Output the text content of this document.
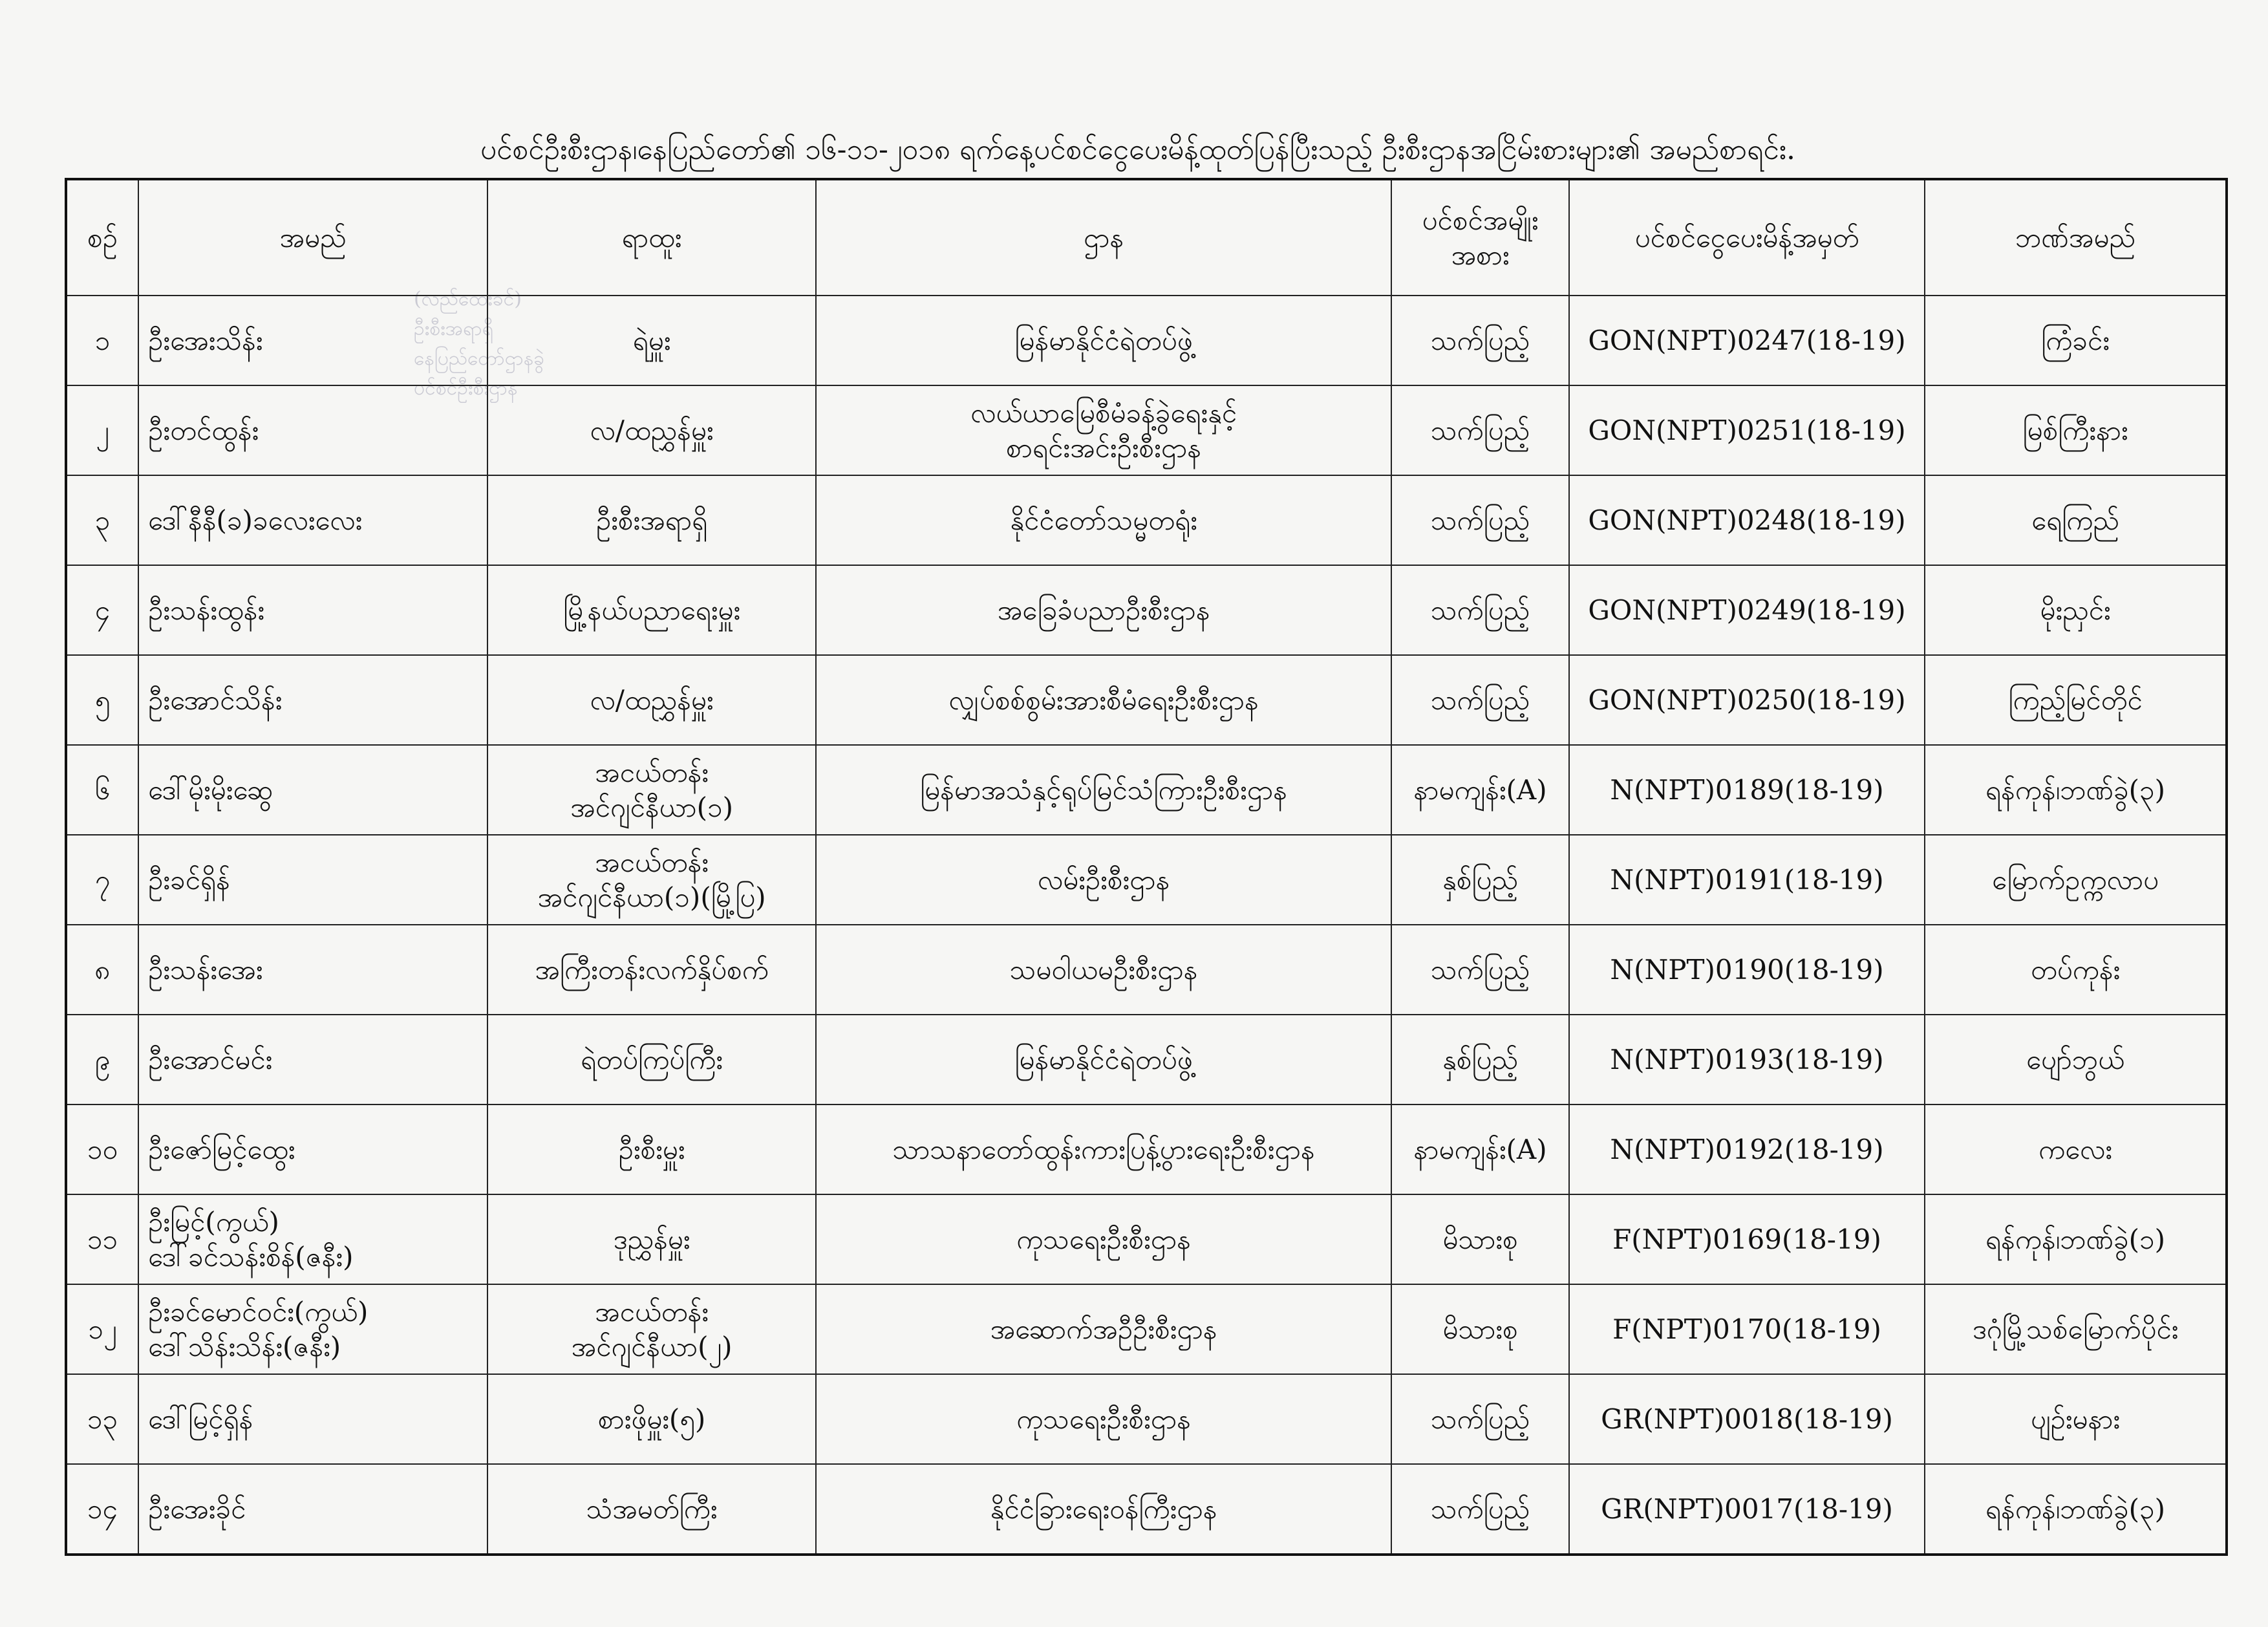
ပင်စင်ဦးစီးဌာန၊နေပြည်တော်၏ ၁၆-၁၁-၂၀၁၈ ရက်နေ့ပင်စင်ငွေပေးမိန့်ထုတ်ပြန်ပြီးသည့် ဦးစီးဌာနအငြိမ်းစားများ၏ အမည်စာရင်း.
(လည်ထေးခင်)
ဦးစီးအရာရှိ
နေပြည်တော်ဌာနခွဲ
ပင်စင်ဦးစီးဌာန
စဉ်	အမည်	ရာထူး	ဌာန	ပင်စင်အမျိုးအစား	ပင်စင်ငွေပေးမိန့်အမှတ်	ဘဏ်အမည်

၁	ဦးအေးသိန်း	ရဲမှူး	မြန်မာနိုင်ငံရဲတပ်ဖွဲ့	သက်ပြည့်	GON(NPT)0247(18-19)	ကြံခင်း

၂	ဦးတင်ထွန်း	လ/ထညွှန်မှူး	လယ်ယာမြေစီမံခန့်ခွဲရေးနှင့်
စာရင်းအင်းဦးစီးဌာန	သက်ပြည့်	GON(NPT)0251(18-19)	မြစ်ကြီးနား

၃	ဒေါ်နီနီ(ခ)ခလေးလေး	ဦးစီးအရာရှိ	နိုင်ငံတော်သမ္မတရုံး	သက်ပြည့်	GON(NPT)0248(18-19)	ရေကြည်

၄	ဦးသန်းထွန်း	မြို့နယ်ပညာရေးမှူး	အခြေခံပညာဦးစီးဌာန	သက်ပြည့်	GON(NPT)0249(18-19)	မိုးညှင်း

၅	ဦးအောင်သိန်း	လ/ထညွှန်မှူး	လျှပ်စစ်စွမ်းအားစီမံရေးဦးစီးဌာန	သက်ပြည့်	GON(NPT)0250(18-19)	ကြည့်မြင်တိုင်

၆	ဒေါ်မိုးမိုးဆွေ	အငယ်တန်း
အင်ဂျင်နီယာ(၁)	မြန်မာအသံနှင့်ရုပ်မြင်သံကြားဦးစီးဌာန	နာမကျန်း(A)	N(NPT)0189(18-19)	ရန်ကုန်၊ဘဏ်ခွဲ(၃)

၇	ဦးခင်ရှိန်	အငယ်တန်း
အင်ဂျင်နီယာ(၁)(မြို့ပြ)	လမ်းဦးစီးဌာန	နှစ်ပြည့်	N(NPT)0191(18-19)	မြောက်ဥက္ကလာပ

၈	ဦးသန်းအေး	အကြီးတန်းလက်နှိပ်စက်	သမဝါယမဦးစီးဌာန	သက်ပြည့်	N(NPT)0190(18-19)	တပ်ကုန်း

၉	ဦးအောင်မင်း	ရဲတပ်ကြပ်ကြီး	မြန်မာနိုင်ငံရဲတပ်ဖွဲ့	နှစ်ပြည့်	N(NPT)0193(18-19)	ပျော်ဘွယ်

၁၀	ဦးဇော်မြင့်ထွေး	ဦးစီးမှူး	သာသနာတော်ထွန်းကားပြန့်ပွားရေးဦးစီးဌာန	နာမကျန်း(A)	N(NPT)0192(18-19)	ကလေး

၁၁	ဦးမြင့်(ကွယ်)
ဒေါ်ခင်သန်းစိန်(ဇနီး)	ဒုညွှန်မှူး	ကုသရေးဦးစီးဌာန	မိသားစု	F(NPT)0169(18-19)	ရန်ကုန်၊ဘဏ်ခွဲ(၁)

၁၂	ဦးခင်မောင်ဝင်း(ကွယ်)
ဒေါ်သိန်းသိန်း(ဇနီး)	အငယ်တန်း
အင်ဂျင်နီယာ(၂)	အဆောက်အဦဦးစီးဌာန	မိသားစု	F(NPT)0170(18-19)	ဒဂုံမြို့သစ်မြောက်ပိုင်း

၁၃	ဒေါ်မြင့်ရှိန်	စားဖိုမှူး(၅)	ကုသရေးဦးစီးဌာန	သက်ပြည့်	GR(NPT)0018(18-19)	ပျဉ်းမနား

၁၄	ဦးအေးခိုင်	သံအမတ်ကြီး	နိုင်ငံခြားရေးဝန်ကြီးဌာန	သက်ပြည့်	GR(NPT)0017(18-19)	ရန်ကုန်၊ဘဏ်ခွဲ(၃)
